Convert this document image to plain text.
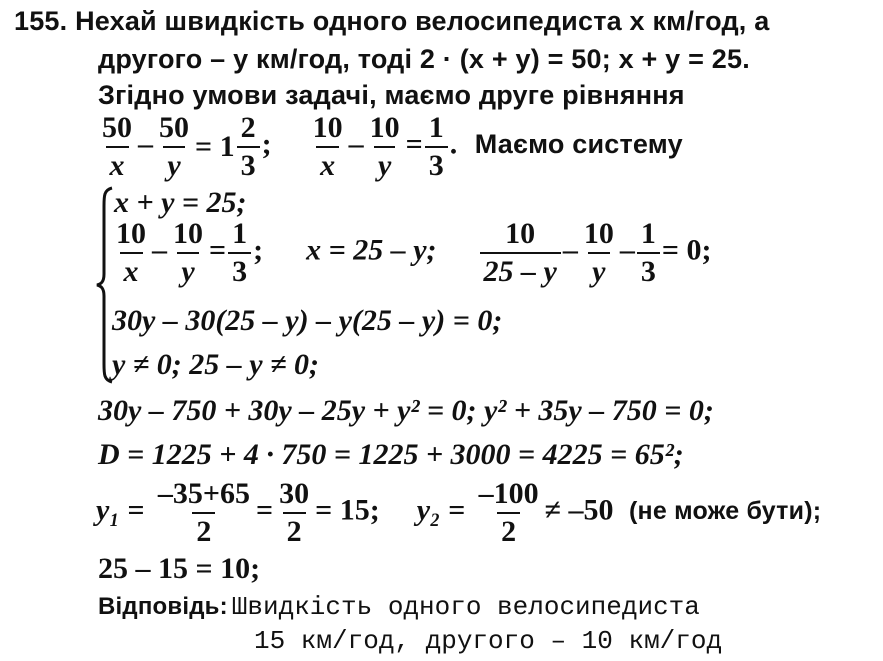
155. Нехай швидкість одного велосипедиста x км/год, а
другого – y км/год, тоді 2 · (x + y) = 50; x + y = 25.
Згідно умови задачі, маємо друге рівняння
$\frac{50}{x} - \frac{50}{y} = 1 \frac{2}{3}$ ; $\frac{10}{x} - \frac{10}{y} = \frac{1}{3}$ . Маємо систему
x + y = 25;
$\frac{10}{x} - \frac{10}{y} = \frac{1}{3}$ ; x = 25 – y; $\frac{10}{25 - y} - \frac{10}{y} - \frac{1}{3} = 0$;
30y – 30(25 – y) – y(25 – y) = 0;
y ≠ 0; 25 – y ≠ 0;
30y – 750 + 30y – 25y + y² = 0; y² + 35y – 750 = 0;
D = 1225 + 4 · 750 = 1225 + 3000 = 4225 = 65²;
$y_1 = \frac{-35+65}{2} = \frac{30}{2} = 15$; $y_2 = \frac{-100}{2} \ne -50$ (не може бути);
25 – 15 = 10;
Відповідь: Швидкість одного велосипедиста
15 км/год, другого – 10 км/год
